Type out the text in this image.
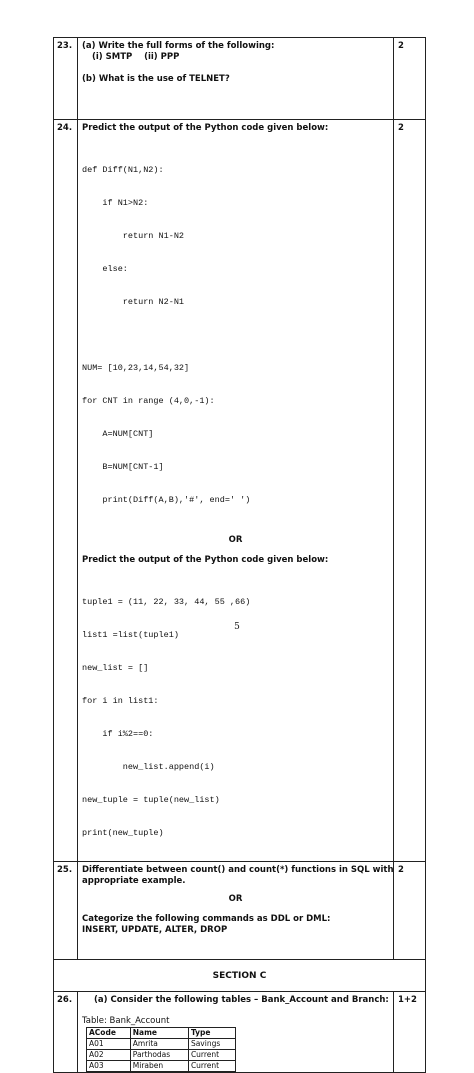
23.	(a) Write the full forms of the following:
(i) SMTP    (ii) PPP
(b) What is the use of TELNET?
	2
24.	Predict the output of the Python code given below:

def Diff(N1,N2):

if N1>N2:

return N1-N2

else:

return N2-N1

NUM= [10,23,14,54,32]

for CNT in range (4,0,-1):

A=NUM[CNT]

B=NUM[CNT-1]

print(Diff(A,B),'#', end=' ')

OR
Predict the output of the Python code given below:

tuple1 = (11, 22, 33, 44, 55 ,66)

list1 =list(tuple1)

new_list = []

for i in list1:

if i%2==0:

new_list.append(i)

new_tuple = tuple(new_list)

print(new_tuple)

	2
25.	Differentiate between count() and count(*) functions in SQL with
appropriate example.
OR
Categorize the following commands as DDL or DML:
INSERT, UPDATE, ALTER, DROP
	2
SECTION C
26.	(a) Consider the following tables – Bank_Account and Branch:
Table: Bank_Account
ACode	Name	Type
A01	Amrita	Savings
A02	Parthodas	Current
A03	Miraben	Current
	1+2
5
